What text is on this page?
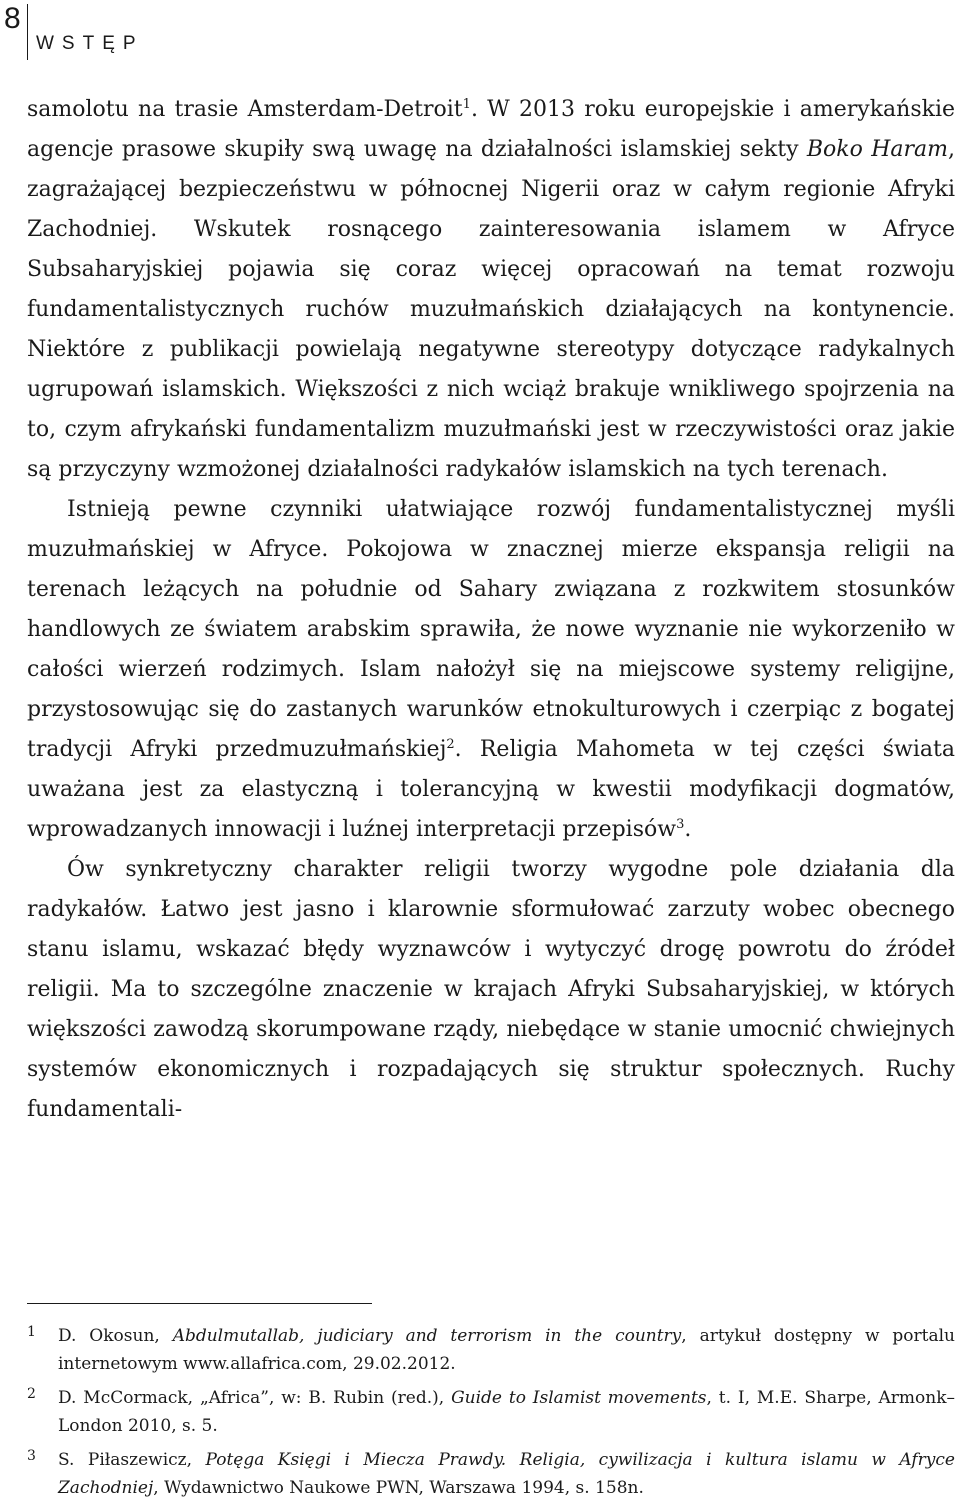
8
WSTĘP

samolotu na trasie Amsterdam-Detroit$^1$. W 2013 roku europejskie i amerykańskie agencje prasowe skupiły swą uwagę na działalności islamskiej sekty Boko Haram, zagrażającej bezpieczeństwu w północnej Nigerii oraz w całym regionie Afryki Zachodniej. Wskutek rosnącego zainteresowania islamem w Afryce Subsaharyjskiej pojawia się coraz więcej opracowań na temat rozwoju fundamentalistycznych ruchów muzułmańskich działających na kontynencie. Niektóre z publikacji powielają negatywne stereotypy dotyczące radykalnych ugrupowań islamskich. Większości z nich wciąż brakuje wnikliwego spojrzenia na to, czym afrykański fundamentalizm muzułmański jest w rzeczywistości oraz jakie są przyczyny wzmożonej działalności radykałów islamskich na tych terenach.

Istnieją pewne czynniki ułatwiające rozwój fundamentalistycznej myśli muzułmańskiej w Afryce. Pokojowa w znacznej mierze ekspansja religii na terenach leżących na południe od Sahary związana z rozkwitem stosunków handlowych ze światem arabskim sprawiła, że nowe wyznanie nie wykorzeniło w całości wierzeń rodzimych. Islam nałożył się na miejscowe systemy religijne, przystosowując się do zastanych warunków etnokulturowych i czerpiąc z bogatej tradycji Afryki przedmuzułmańskiej$^2$. Religia Mahometa w tej części świata uważana jest za elastyczną i tolerancyjną w kwestii modyfikacji dogmatów, wprowadzanych innowacji i luźnej interpretacji przepisów$^3$.

Ów synkretyczny charakter religii tworzy wygodne pole działania dla radykałów. Łatwo jest jasno i klarownie sformułować zarzuty wobec obecnego stanu islamu, wskazać błędy wyznawców i wytyczyć drogę powrotu do źródeł religii. Ma to szczególne znaczenie w krajach Afryki Subsaharyjskiej, w których większości zawodzą skorumpowane rządy, niebędące w stanie umocnić chwiejnych systemów ekonomicznych i rozpadających się struktur społecznych. Ruchy fundamentali-

1 D. Okosun, Abdulmutallab, judiciary and terrorism in the country, artykuł dostępny w portalu internetowym www.allafrica.com, 29.02.2012.
2 D. McCormack, „Africa”, w: B. Rubin (red.), Guide to Islamist movements, t. I, M.E. Sharpe, Armonk–London 2010, s. 5.
3 S. Piłaszewicz, Potęga Księgi i Miecza Prawdy. Religia, cywilizacja i kultura islamu w Afryce Zachodniej, Wydawnictwo Naukowe PWN, Warszawa 1994, s. 158n.
